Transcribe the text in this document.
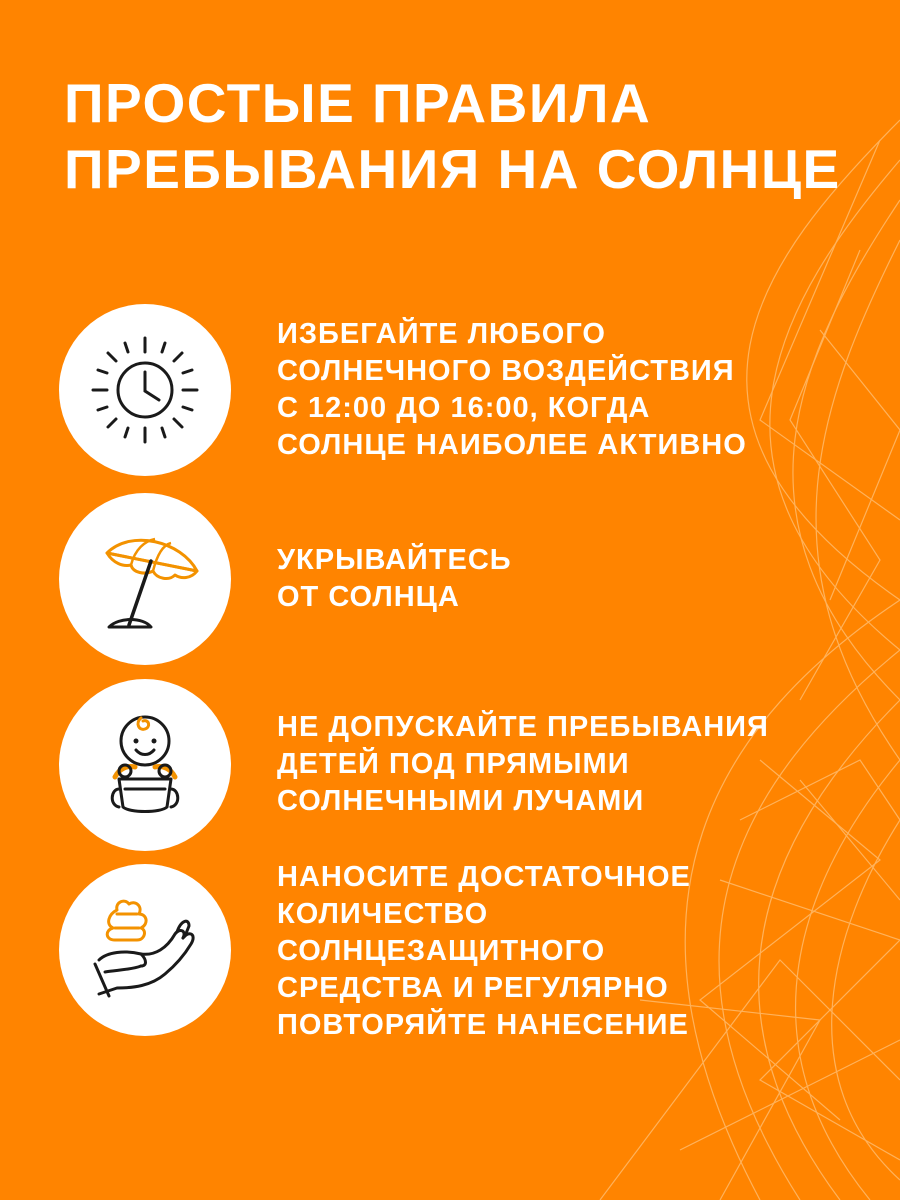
ПРОСТЫЕ ПРАВИЛА
ПРЕБЫВАНИЯ НА СОЛНЦЕ
ИЗБЕГАЙТЕ ЛЮБОГО
СОЛНЕЧНОГО ВОЗДЕЙСТВИЯ
С 12:00 ДО 16:00, КОГДА
СОЛНЦЕ НАИБОЛЕЕ АКТИВНО
УКРЫВАЙТЕСЬ
ОТ СОЛНЦА
НЕ ДОПУСКАЙТЕ ПРЕБЫВАНИЯ
ДЕТЕЙ ПОД ПРЯМЫМИ
СОЛНЕЧНЫМИ ЛУЧАМИ
НАНОСИТЕ ДОСТАТОЧНОЕ
КОЛИЧЕСТВО
СОЛНЦЕЗАЩИТНОГО
СРЕДСТВА И РЕГУЛЯРНО
ПОВТОРЯЙТЕ НАНЕСЕНИЕ
